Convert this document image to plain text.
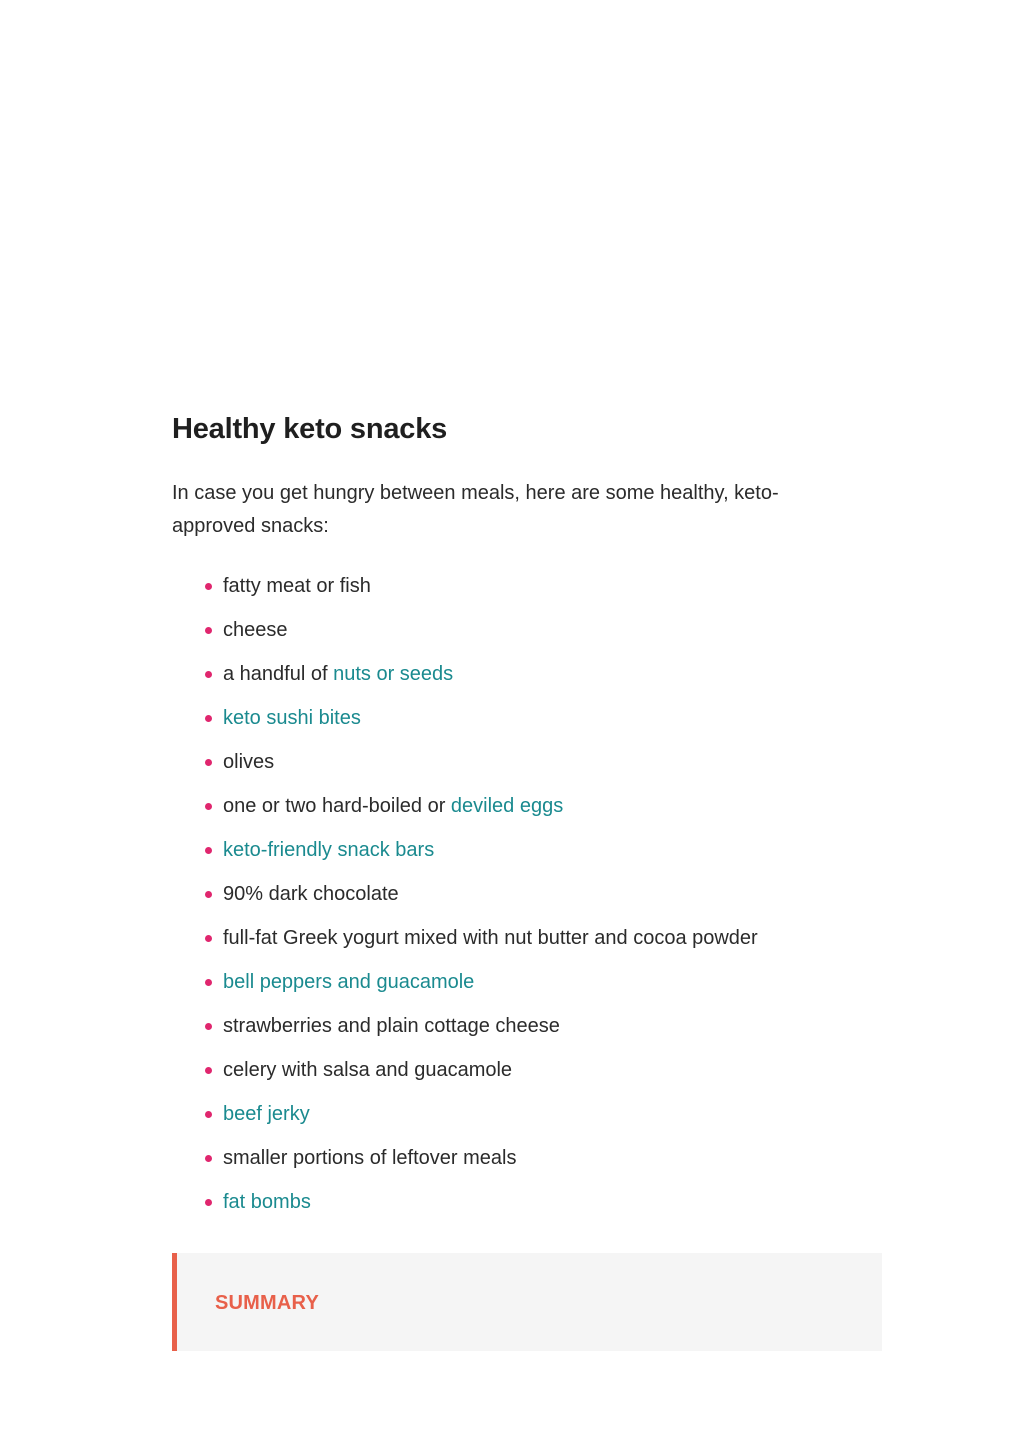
Healthy keto snacks

In case you get hungry between meals, here are some healthy, keto-approved snacks:

fatty meat or fish
cheese
a handful of nuts or seeds
keto sushi bites
olives
one or two hard-boiled or deviled eggs
keto-friendly snack bars
90% dark chocolate
full-fat Greek yogurt mixed with nut butter and cocoa powder
bell peppers and guacamole
strawberries and plain cottage cheese
celery with salsa and guacamole
beef jerky
smaller portions of leftover meals
fat bombs
SUMMARY
